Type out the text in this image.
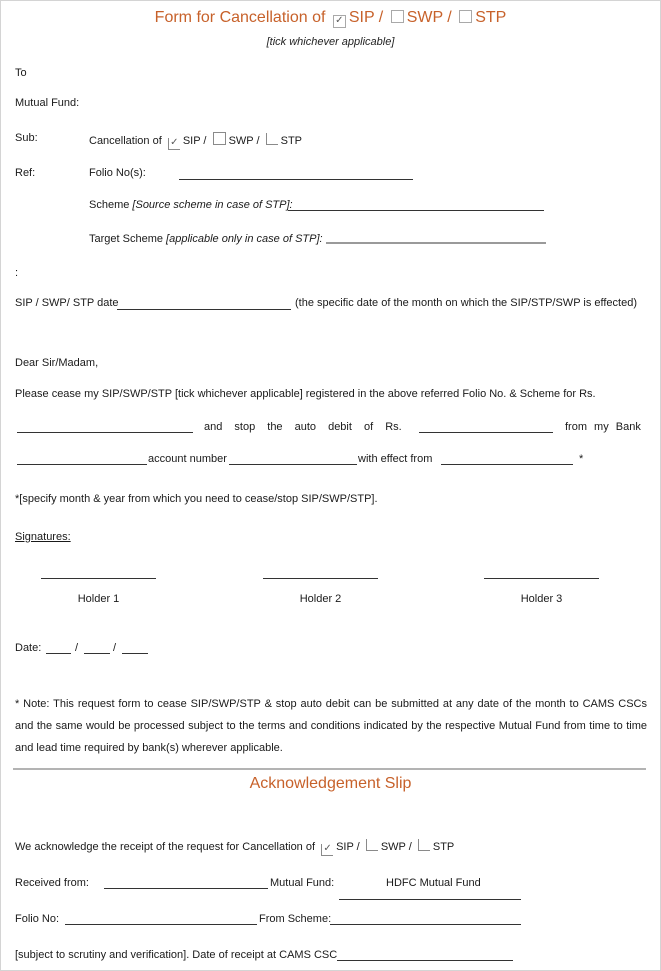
Form for Cancellation of ✓ SIP / SWP / STP
[tick whichever applicable]
To
Mutual Fund:
Sub:	Cancellation of ✓ SIP / SWP / STP
Ref:	Folio No(s):
Scheme [Source scheme in case of STP]:
Target Scheme [applicable only in case of STP]:
:
SIP / SWP/ STP date	(the specific date of the month on which the SIP/STP/SWP is effected)
Dear Sir/Madam,
Please cease my SIP/SWP/STP [tick whichever applicable] registered in the above referred Folio No. & Scheme for Rs.
and stop the auto debit of Rs.	from my Bank
account number	with effect from	*
*[specify month & year from which you need to cease/stop SIP/SWP/STP].
Signatures:
Holder 1	Holder 2	Holder 3
Date:	/	/
* Note: This request form to cease SIP/SWP/STP & stop auto debit can be submitted at any date of the month to CAMS CSCs and the same would be processed subject to the terms and conditions indicated by the respective Mutual Fund from time to time and lead time required by bank(s) wherever applicable.
Acknowledgement Slip
We acknowledge the receipt of the request for Cancellation of ✓ SIP / SWP / STP
Received from:	Mutual Fund:	HDFC Mutual Fund
Folio No:	From Scheme:
[subject to scrutiny and verification]. Date of receipt at CAMS CSC
